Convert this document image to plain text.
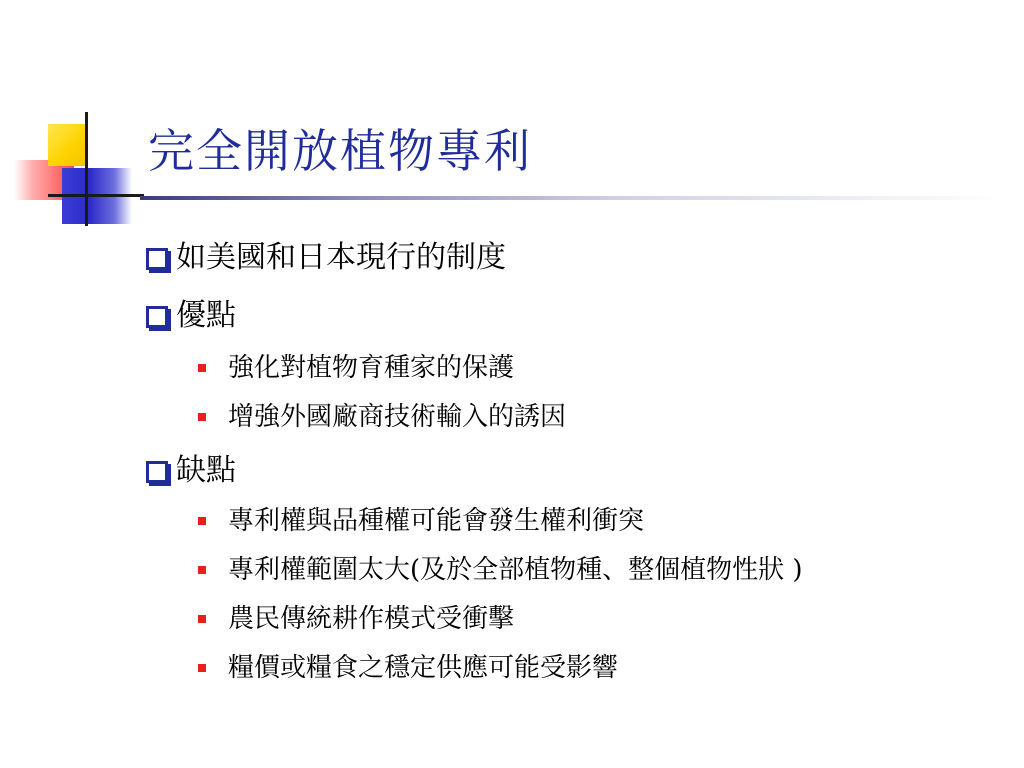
完全開放植物專利
如美國和日本現行的制度
優點
強化對植物育種家的保護
增強外國廠商技術輸入的誘因
缺點
專利權與品種權可能會發生權利衝突
專利權範圍太大(及於全部植物種、整個植物性狀 )
農民傳統耕作模式受衝擊
糧價或糧食之穩定供應可能受影響
